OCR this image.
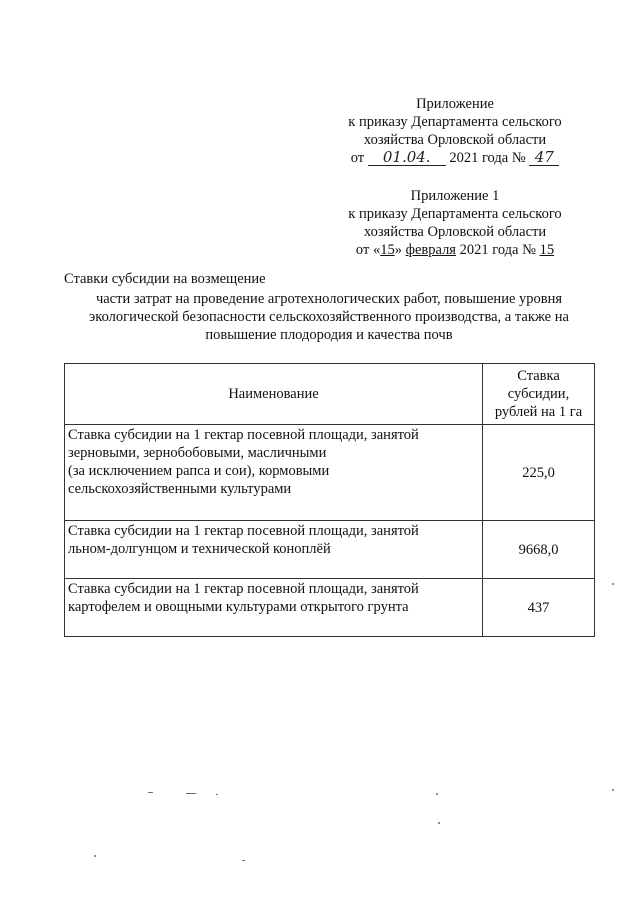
Приложение
к приказу Департамента сельского
хозяйства Орловской области
от 01.04. 2021 года № 47
Приложение 1
к приказу Департамента сельского
хозяйства Орловской области
от «15» февраля 2021 года № 15
Ставки субсидии на возмещение
части затрат на проведение агротехнологических работ, повышение уровня
экологической безопасности сельскохозяйственного производства, а также на
повышение плодородия и качества почв
Наименование	Ставка
субсидии,
рублей на 1 га

Ставка субсидии на 1 гектар посевной площади, занятой
зерновыми, зернобобовыми, масличными
(за исключением рапса и сои), кормовыми
сельскохозяйственными культурами	225,0

Ставка субсидии на 1 гектар посевной площади, занятой
льном-долгунцом и технической коноплёй	9668,0

Ставка субсидии на 1 гектар посевной площади, занятой
картофелем и овощными культурами открытого грунта	437
